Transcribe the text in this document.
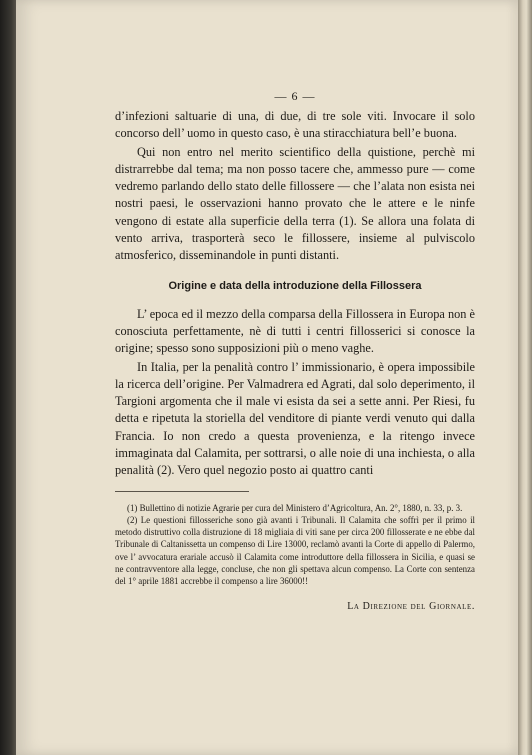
— 6 —

d’infezioni saltuarie di una, di due, di tre sole viti. Invocare il solo concorso dell’ uomo in questo caso, è una stiracchiatura bell’e buona.

Qui non entro nel merito scientifico della quistione, perchè mi distrarrebbe dal tema; ma non posso tacere che, ammesso pure — come vedremo parlando dello stato delle fillossere — che l’alata non esista nei nostri paesi, le osservazioni hanno provato che le attere e le ninfe vengono di estate alla superficie della terra (1). Se allora una folata di vento arriva, trasporterà seco le fillossere, insieme al pulviscolo atmosferico, disseminandole in punti distanti.

Origine e data della introduzione della Fillossera

L’ epoca ed il mezzo della comparsa della Fillossera in Europa non è conosciuta perfettamente, nè di tutti i centri fillosserici si conosce la origine; spesso sono supposizioni più o meno vaghe.

In Italia, per la penalità contro l’ immissionario, è opera impossibile la ricerca dell’origine. Per Valmadrera ed Agrati, dal solo deperimento, il Targioni argomenta che il male vi esista da sei a sette anni. Per Riesi, fu detta e ripetuta la storiella del venditore di piante verdi venuto qui dalla Francia. Io non credo a questa provenienza, e la ritengo invece immaginata dal Calamita, per sottrarsi, o alle noie di una inchiesta, o alla penalità (2). Vero quel negozio posto ai quattro canti

(1) Bullettino di notizie Agrarie per cura del Ministero d’Agricoltura, An. 2°, 1880, n. 33, p. 3.

(2) Le questioni fillosseriche sono già avanti i Tribunali. Il Calamita che soffrì per il primo il metodo distruttivo colla distruzione di 18 migliaia di viti sane per circa 200 fillosserate e ne ebbe dal Tribunale di Caltanissetta un compenso di Lire 13000, reclamò avanti la Corte di appello di Palermo, ove l’ avvocatura erariale accusò il Calamita come introduttore della fillossera in Sicilia, e quasi se ne contravventore alla legge, concluse, che non gli spettava alcun compenso. La Corte con sentenza del 1° aprile 1881 accrebbe il compenso a lire 36000!!

La Direzione del Giornale.
